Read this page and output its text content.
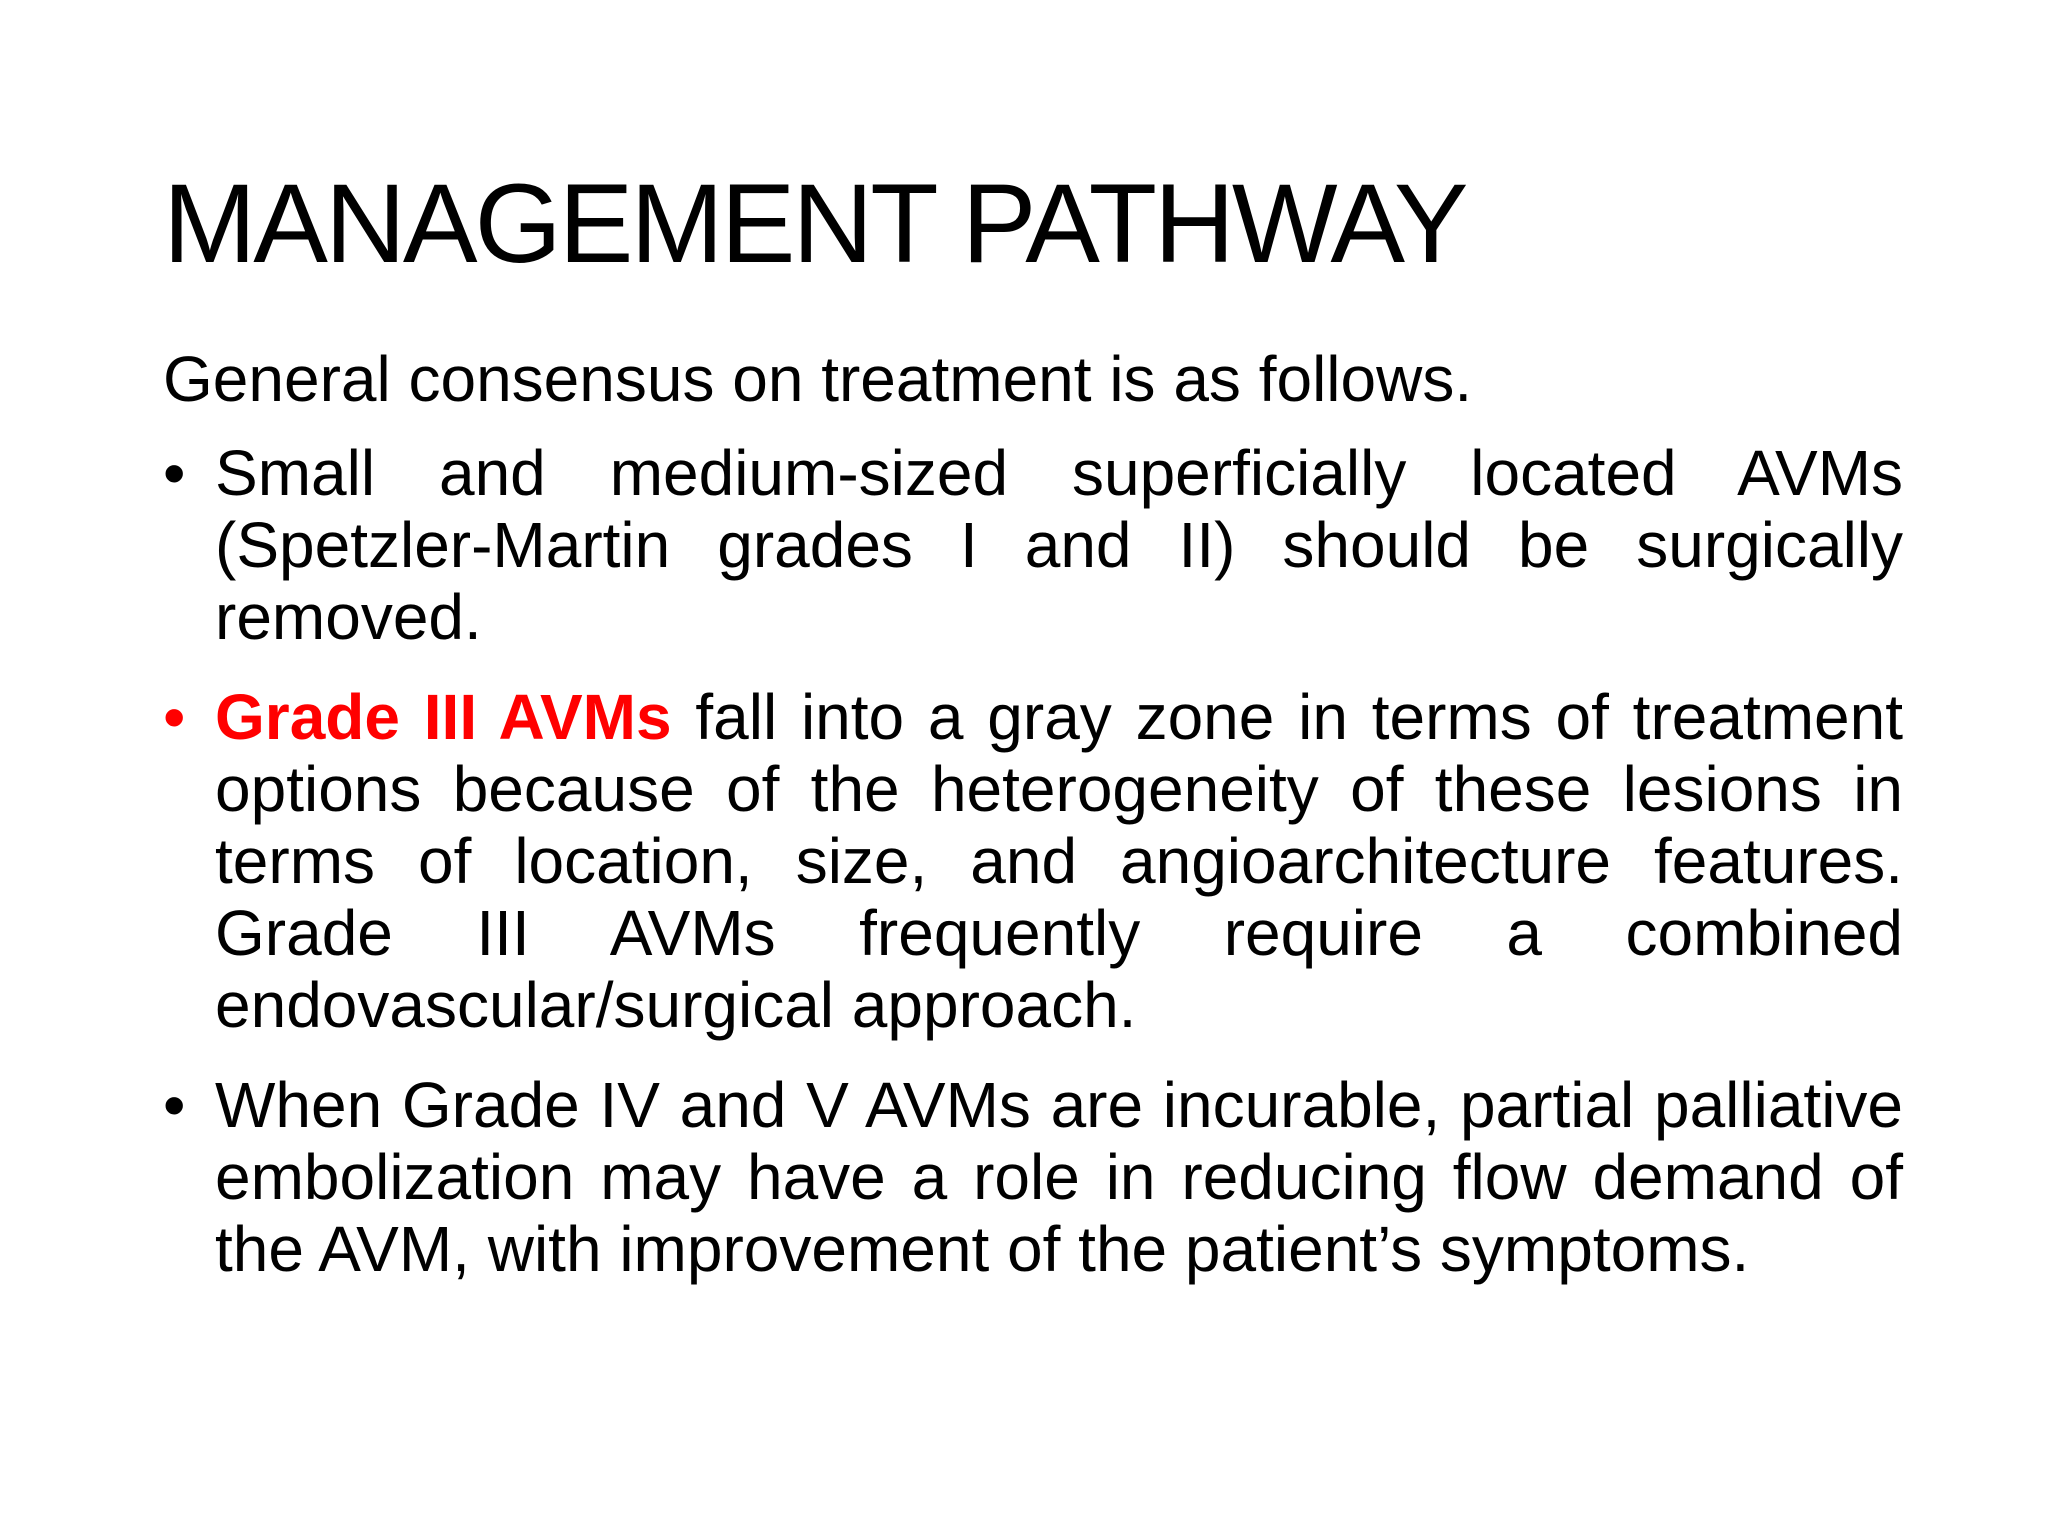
MANAGEMENT PATHWAY

General consensus on treatment is as follows.

• Small and medium-sized superficially located AVMs (Spetzler-Martin grades I and II) should be surgically removed.
• Grade III AVMs fall into a gray zone in terms of treatment options because of the heterogeneity of these lesions in terms of location, size, and angioarchitecture features. Grade III AVMs frequently require a combined endovascular/surgical approach.
• When Grade IV and V AVMs are incurable, partial palliative embolization may have a role in reducing flow demand of the AVM, with improvement of the patient’s symptoms.
